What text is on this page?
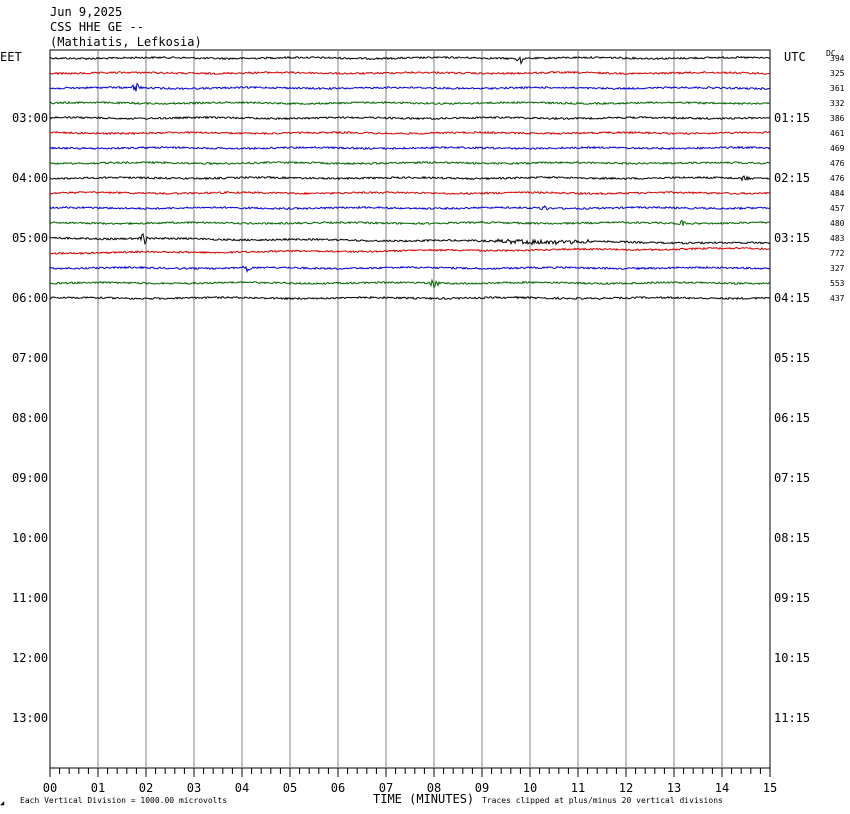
Jun 9,2025
CSS HHE GE --
(Mathiatis, Lefkosia)
EET	UTC	DC
00	01	02	03	04	05	06	07	08	09	10	11	12	13	14	15
03:00	01:15
04:00	02:15
05:00	03:15
06:00	04:15
07:00	05:15
08:00	06:15
09:00	07:15
10:00	08:15
11:00	09:15
12:00	10:15
13:00	11:15
394
325
361
332
386
461
469
476
476
484
457
480
483
772
327
553
437
◢ Each Vertical Division = 1000.00 microvolts	TIME (MINUTES) Traces clipped at plus/minus 20 vertical divisions
